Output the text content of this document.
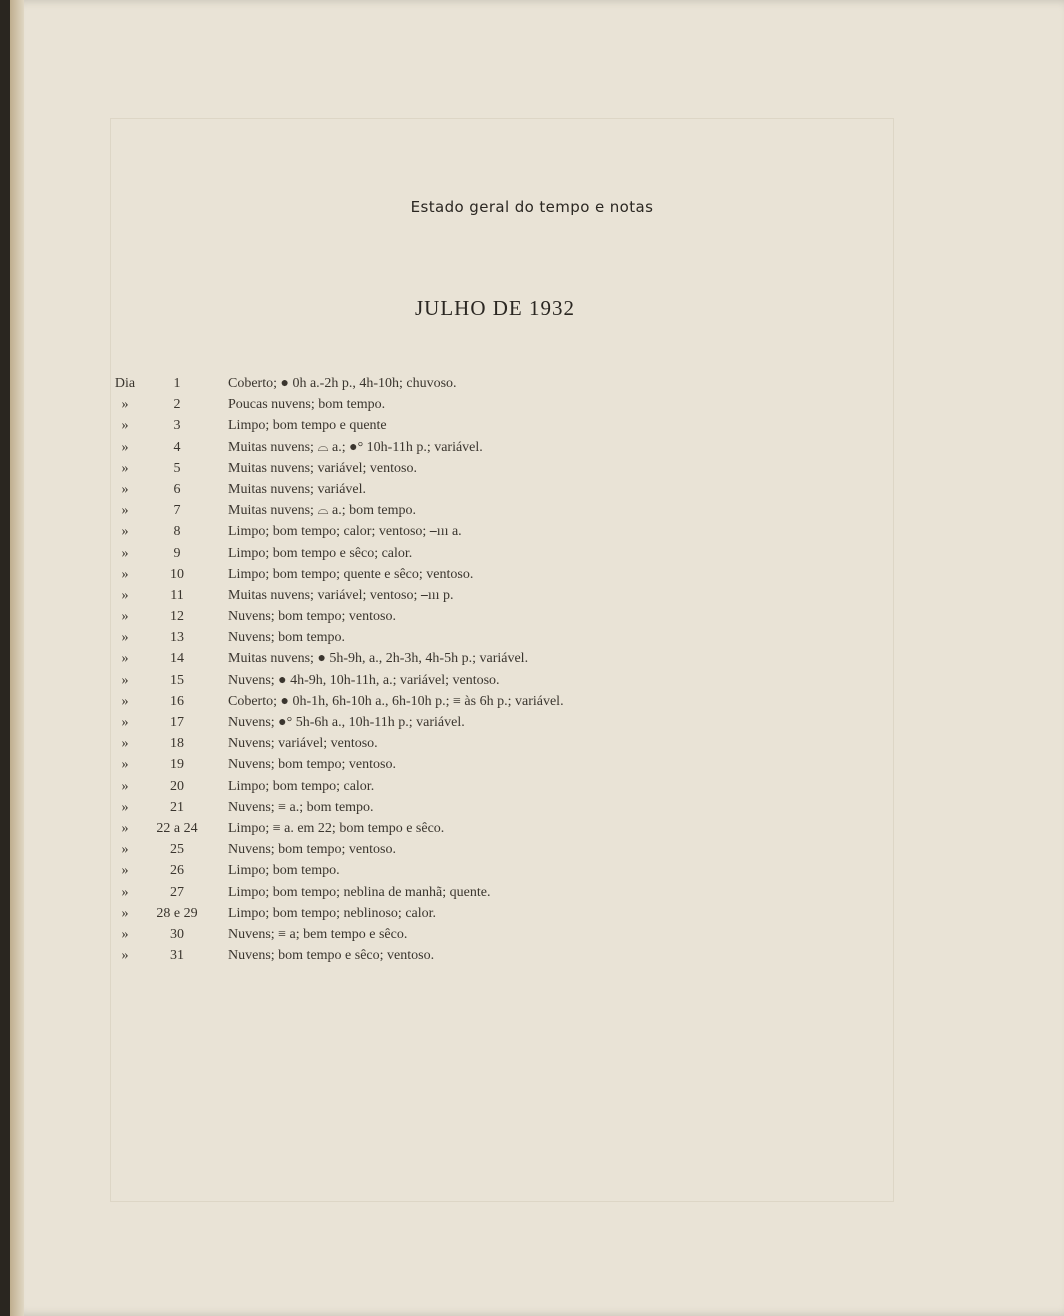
Estado geral do tempo e notas
JULHO DE 1932
Dia	1	Coberto; ● 0h a.-2h p., 4h-10h; chuvoso.
»	2	Poucas nuvens; bom tempo.
»	3	Limpo; bom tempo e quente
»	4	Muitas nuvens; ⌓ a.; ●° 10h-11h p.; variável.
»	5	Muitas nuvens; variável; ventoso.
»	6	Muitas nuvens; variável.
»	7	Muitas nuvens; ⌓ a.; bom tempo.
»	8	Limpo; bom tempo; calor; ventoso; ⎯ııı a.
»	9	Limpo; bom tempo e sêco; calor.
»	10	Limpo; bom tempo; quente e sêco; ventoso.
»	11	Muitas nuvens; variável; ventoso; ⎯ııı p.
»	12	Nuvens; bom tempo; ventoso.
»	13	Nuvens; bom tempo.
»	14	Muitas nuvens; ● 5h-9h, a., 2h-3h, 4h-5h p.; variável.
»	15	Nuvens; ● 4h-9h, 10h-11h, a.; variável; ventoso.
»	16	Coberto; ● 0h-1h, 6h-10h a., 6h-10h p.; ≡ às 6h p.; variável.
»	17	Nuvens; ●° 5h-6h a., 10h-11h p.; variável.
»	18	Nuvens; variável; ventoso.
»	19	Nuvens; bom tempo; ventoso.
»	20	Limpo; bom tempo; calor.
»	21	Nuvens; ≡ a.; bom tempo.
»	22 a 24	Limpo; ≡ a. em 22; bom tempo e sêco.
»	25	Nuvens; bom tempo; ventoso.
»	26	Limpo; bom tempo.
»	27	Limpo; bom tempo; neblina de manhã; quente.
»	28 e 29	Limpo; bom tempo; neblinoso; calor.
»	30	Nuvens; ≡ a; bem tempo e sêco.
»	31	Nuvens; bom tempo e sêco; ventoso.
